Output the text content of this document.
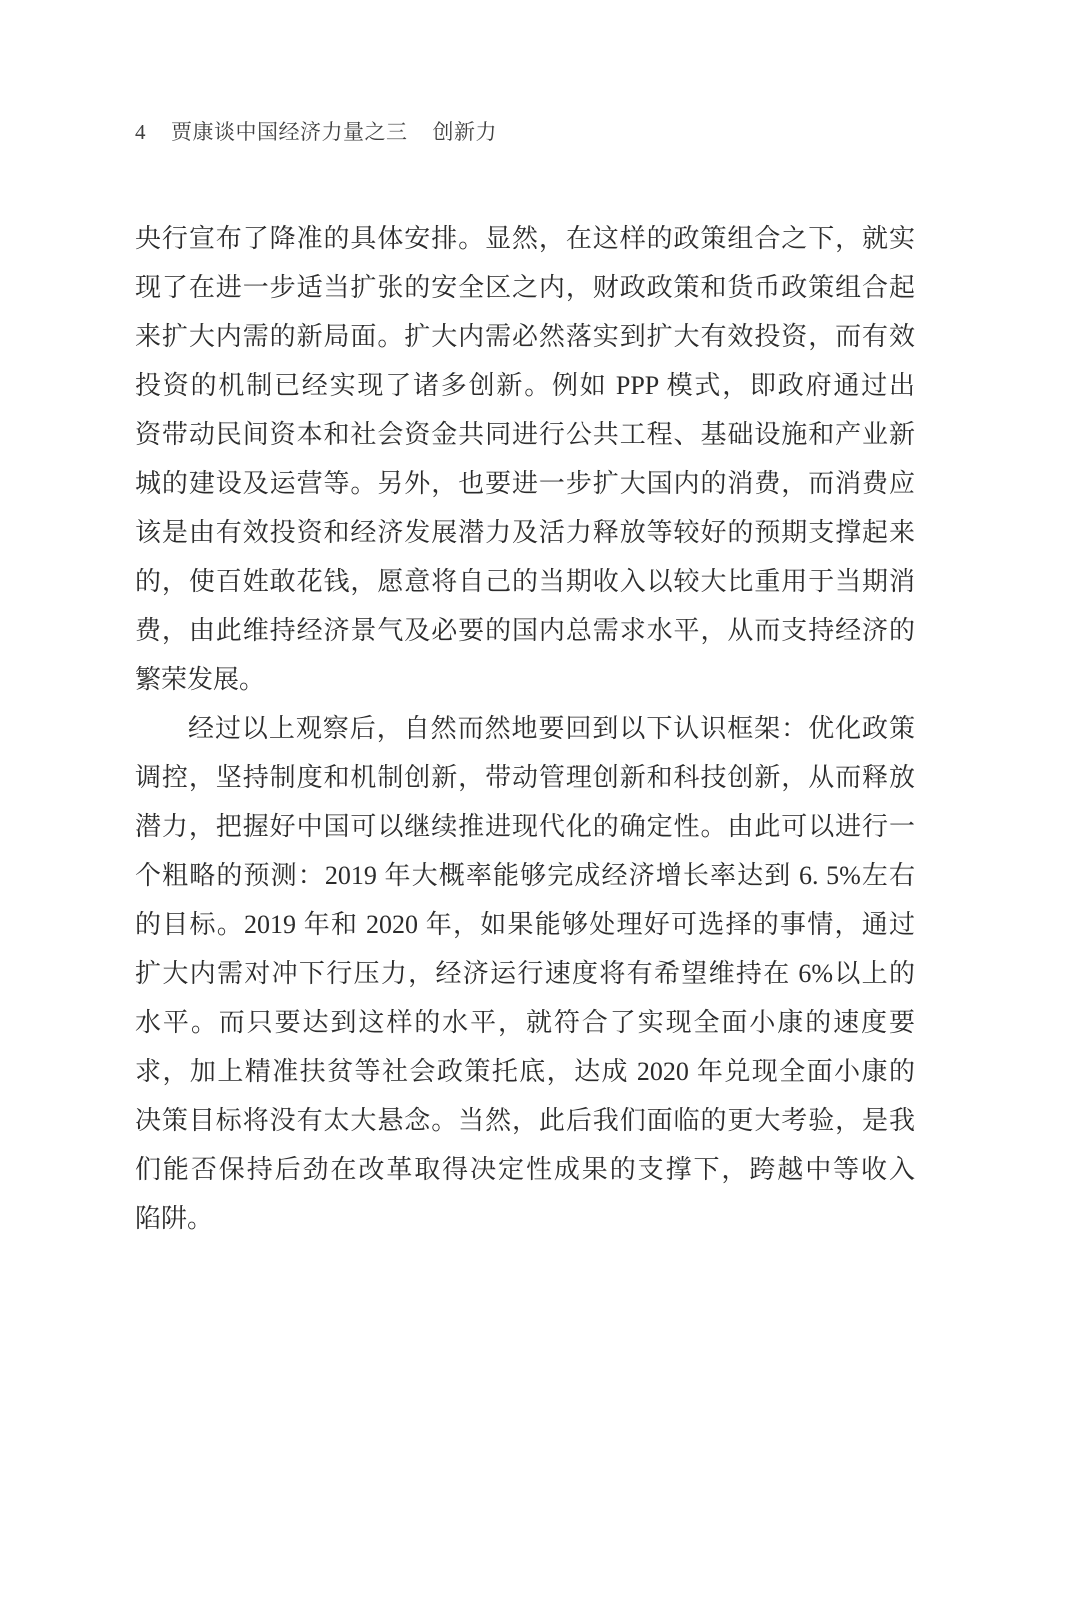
4 贾康谈中国经济力量之三 创新力
央行宣布了降准的具体安排。显然，在这样的政策组合之下，就实
现了在进一步适当扩张的安全区之内，财政政策和货币政策组合起
来扩大内需的新局面。扩大内需必然落实到扩大有效投资，而有效
投资的机制已经实现了诸多创新。例如 PPP 模式，即政府通过出
资带动民间资本和社会资金共同进行公共工程、基础设施和产业新
城的建设及运营等。另外，也要进一步扩大国内的消费，而消费应
该是由有效投资和经济发展潜力及活力释放等较好的预期支撑起来
的，使百姓敢花钱，愿意将自己的当期收入以较大比重用于当期消
费，由此维持经济景气及必要的国内总需求水平，从而支持经济的
繁荣发展。
经过以上观察后，自然而然地要回到以下认识框架：优化政策
调控，坚持制度和机制创新，带动管理创新和科技创新，从而释放
潜力，把握好中国可以继续推进现代化的确定性。由此可以进行一
个粗略的预测：2019 年大概率能够完成经济增长率达到 6. 5%左右
的目标。2019 年和 2020 年，如果能够处理好可选择的事情，通过
扩大内需对冲下行压力，经济运行速度将有希望维持在 6%以上的
水平。而只要达到这样的水平，就符合了实现全面小康的速度要
求，加上精准扶贫等社会政策托底，达成 2020 年兑现全面小康的
决策目标将没有太大悬念。当然，此后我们面临的更大考验，是我
们能否保持后劲在改革取得决定性成果的支撑下，跨越中等收入
陷阱。
